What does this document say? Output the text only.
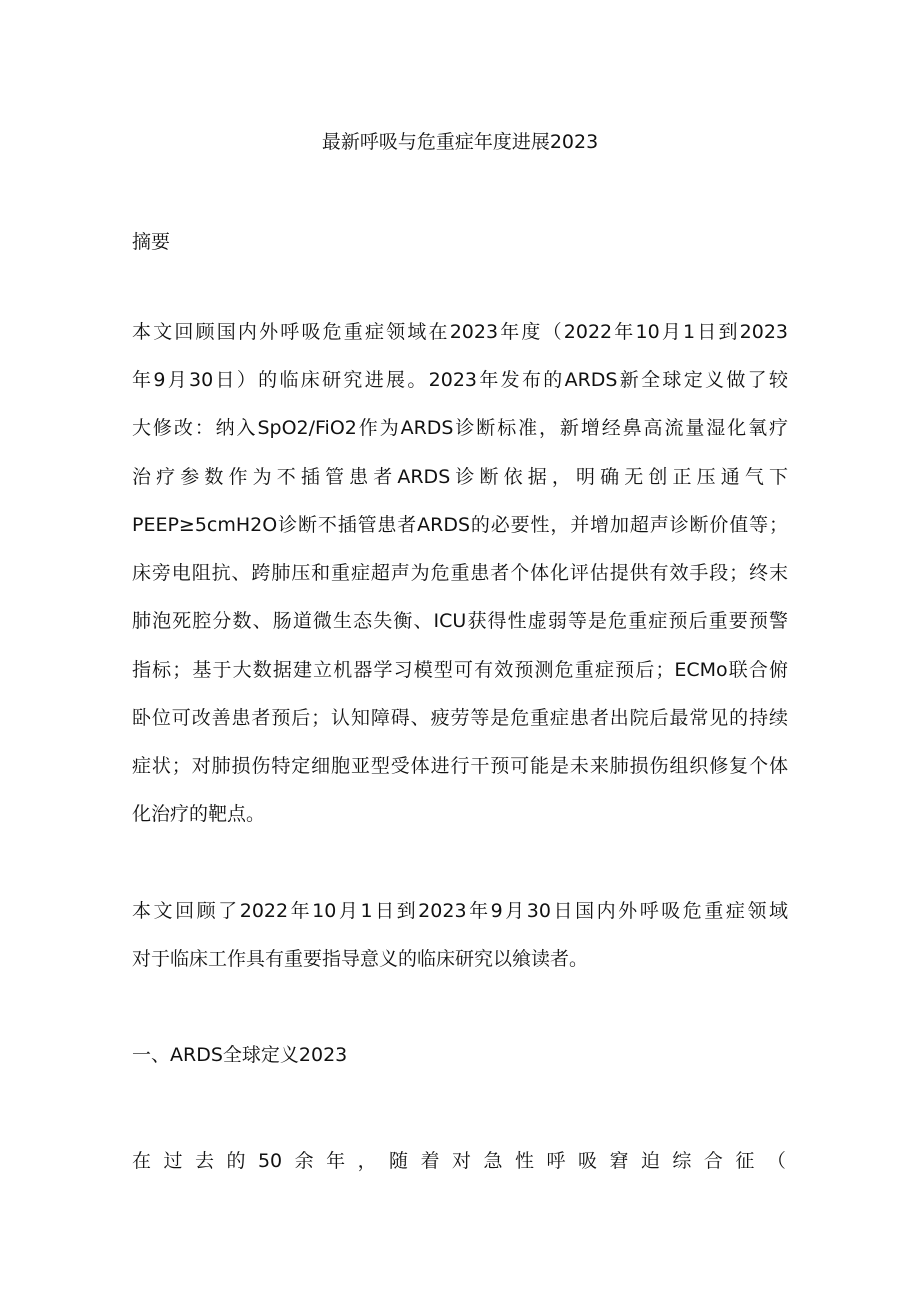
最新呼吸与危重症年度进展2023
摘要
本文回顾国内外呼吸危重症领域在2023年度（2022年10月1日到2023
年9月30日）的临床研究进展。2023年发布的ARDS新全球定义做了较
大修改：纳入SpO2/FiO2作为ARDS诊断标准，新增经鼻高流量湿化氧疗
治疗参数作为不插管患者ARDS诊断依据，明确无创正压通气下
PEEP≥5cmH2O诊断不插管患者ARDS的必要性，并增加超声诊断价值等；
床旁电阻抗、跨肺压和重症超声为危重患者个体化评估提供有效手段；终末
肺泡死腔分数、肠道微生态失衡、ICU获得性虚弱等是危重症预后重要预警
指标；基于大数据建立机器学习模型可有效预测危重症预后；ECMo联合俯
卧位可改善患者预后；认知障碍、疲劳等是危重症患者出院后最常见的持续
症状；对肺损伤特定细胞亚型受体进行干预可能是未来肺损伤组织修复个体
化治疗的靶点。
本文回顾了2022年10月1日到2023年9月30日国内外呼吸危重症领域
对于临床工作具有重要指导意义的临床研究以飨读者。
一、ARDS全球定义2023
在 过 去 的 50 余 年 ， 随 着 对 急 性 呼 吸 窘 迫 综 合 征 （
